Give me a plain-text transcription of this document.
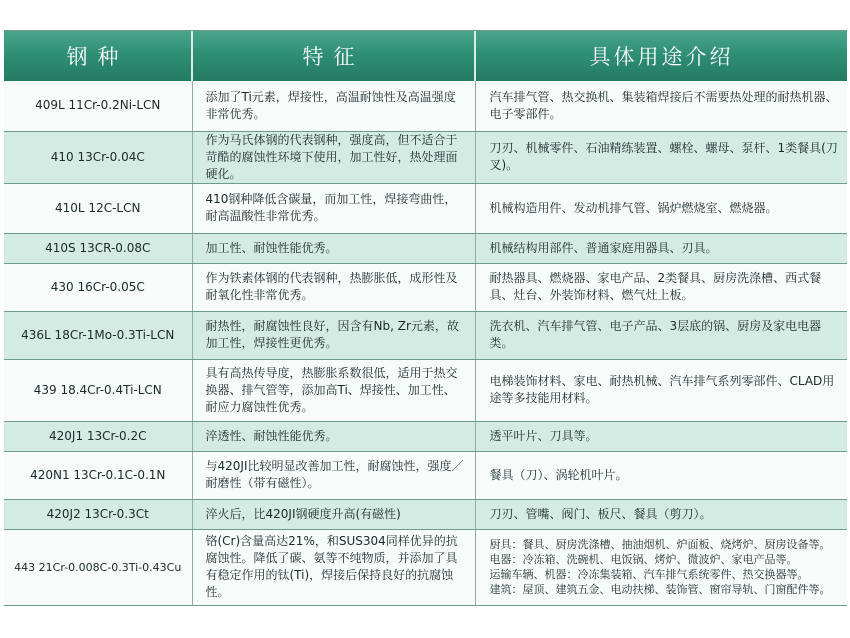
钢种	特征	具体用途介绍
409L 11Cr-0.2Ni-LCN	添加了Ti元素，焊接性，高温耐蚀性及高温强度非常优秀。	汽车排气管、热交换机、集装箱焊接后不需要热处理的耐热机器、电子零部件。
410 13Cr-0.04C	作为马氏体钢的代表钢种，强度高，但不适合于苛酷的腐蚀性环境下使用，加工性好，热处理面硬化。	刀刃、机械零件、石油精练装置、螺栓、螺母、泵杆、1类餐具(刀叉)。
410L 12C-LCN	410钢种降低含碳量，而加工性，焊接弯曲性，耐高温酸性非常优秀。	机械构造用件、发动机排气管、锅炉燃烧室、燃烧器。
410S 13CR-0.08C	加工性、耐蚀性能优秀。	机械结构用部件、普通家庭用器具、刃具。
430 16Cr-0.05C	作为铁素体钢的代表钢种，热膨胀低，成形性及耐氧化性非常优秀。	耐热器具、燃烧器、家电产品、2类餐具、厨房洗涤槽、西式餐具、灶台、外装饰材料、燃气灶上板。
436L 18Cr-1Mo-0.3Ti-LCN	耐热性，耐腐蚀性良好，因含有Nb, Zr元素，故加工性，焊接性更优秀。	洗衣机、汽车排气管、电子产品、3层底的锅、厨房及家电电器类。
439 18.4Cr-0.4Ti-LCN	具有高热传导度，热膨胀系数很低，适用于热交换器、排气管等，添加高Ti、焊接性、加工性、耐应力腐蚀性优秀。	电梯装饰材料、家电、耐热机械、汽车排气系列零部件、CLAD用途等多技能用材料。
420J1 13Cr-0.2C	淬透性、耐蚀性能优秀。	透平叶片、刀具等。
420N1 13Cr-0.1C-0.1N	与420JI比较明显改善加工性，耐腐蚀性，强度／耐磨性（带有磁性）。	餐具（刀）、涡轮机叶片。
420J2 13Cr-0.3Ct	淬火后，比420JI钢硬度升高(有磁性)	刀刃、管嘴、阀门、板尺、餐具（剪刀）。
443 21Cr-0.008C-0.3Ti-0.43Cu	铬(Cr)含量高达21%，和SUS304同样优异的抗腐蚀性。降低了碳、氨等不纯物质，并添加了具有稳定作用的钛(Ti)，焊接后保持良好的抗腐蚀性。	厨具：餐具、厨房洗涤槽、抽油烟机、炉面板、烧烤炉、厨房设备等。
电器：冷冻箱、洗碗机、电饭锅、烤炉、微波炉、家电产品等。
运输车辆、机器：冷冻集装箱、汽车排气系统零件、热交换器等。
建筑：屋顶、建筑五金、电动扶梯、装饰管、窗帘导轨、门窗配件等。
